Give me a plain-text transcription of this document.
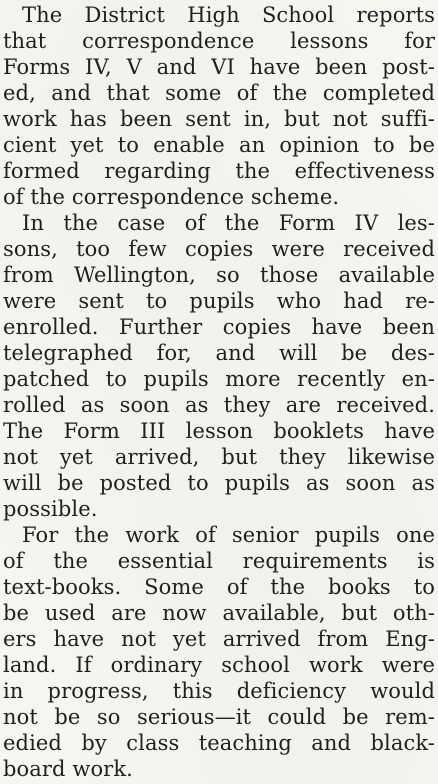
The District High School reports
that correspondence lessons for
Forms IV, V and VI have been post-
ed, and that some of the completed
work has been sent in, but not suffi-
cient yet to enable an opinion to be
formed regarding the effectiveness
of the correspondence scheme.
In the case of the Form IV les-
sons, too few copies were received
from Wellington, so those available
were sent to pupils who had re-
enrolled. Further copies have been
telegraphed for, and will be des-
patched to pupils more recently en-
rolled as soon as they are received.
The Form III lesson booklets have
not yet arrived, but they likewise
will be posted to pupils as soon as
possible.
For the work of senior pupils one
of the essential requirements is
text-books. Some of the books to
be used are now available, but oth-
ers have not yet arrived from Eng-
land. If ordinary school work were
in progress, this deficiency would
not be so serious—it could be rem-
edied by class teaching and black-
board work.
